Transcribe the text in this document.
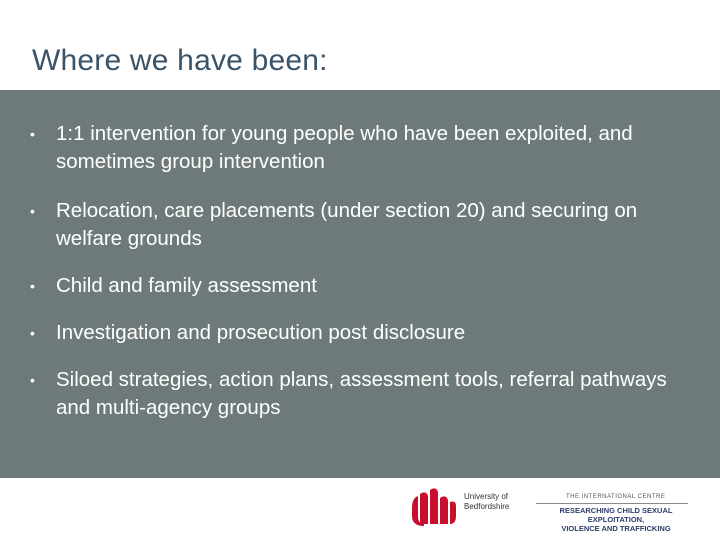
Where we have been:
• 1:1 intervention for young people who have been exploited, and sometimes group intervention
• Relocation, care placements (under section 20) and securing on welfare grounds
• Child and family assessment
• Investigation and prosecution post disclosure
• Siloed strategies, action plans, assessment tools, referral pathways and multi-agency groups
University of
Bedfordshire
THE INTERNATIONAL CENTRE
RESEARCHING CHILD SEXUAL EXPLOITATION,
VIOLENCE AND TRAFFICKING
